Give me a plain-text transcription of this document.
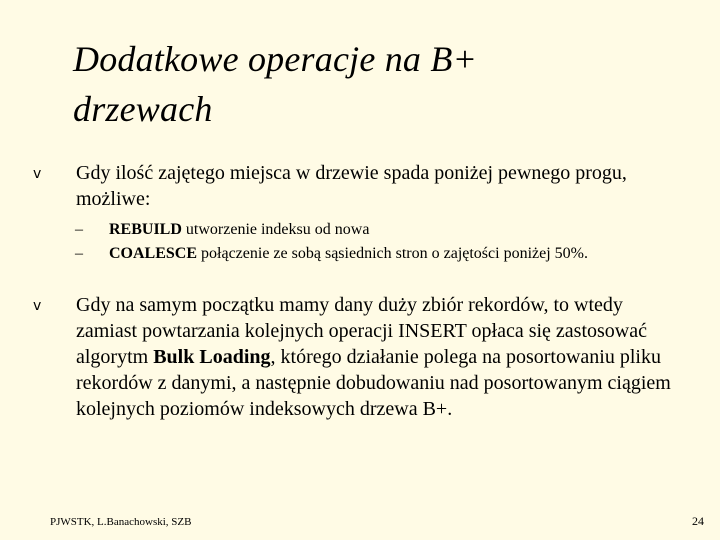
Dodatkowe operacje na B+
drzewach
v Gdy ilość zajętego miejsca w drzewie spada poniżej pewnego progu, możliwe:
– REBUILD utworzenie indeksu od nowa
– COALESCE połączenie ze sobą sąsiednich stron o zajętości poniżej 50%.
v Gdy na samym początku mamy dany duży zbiór rekordów, to wtedy zamiast powtarzania kolejnych operacji INSERT opłaca się zastosować algorytm Bulk Loading, którego działanie polega na posortowaniu pliku rekordów z danymi, a następnie dobudowaniu nad posortowanym ciągiem kolejnych poziomów indeksowych drzewa B+.
PJWSTK, L.Banachowski, SZB	24
